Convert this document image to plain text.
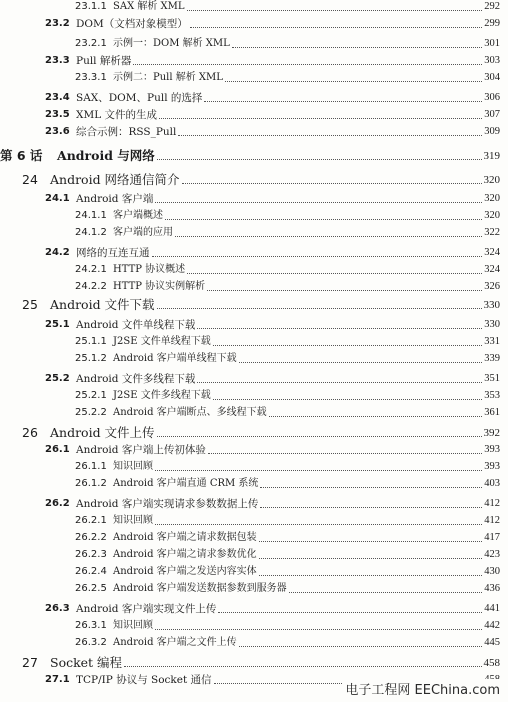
23.1.1 SAX 解析 XML	292
23.2 DOM（文档对象模型）	299
23.2.1 示例一：DOM 解析 XML	301
23.3 Pull 解析器	303
23.3.1 示例二：Pull 解析 XML	304
23.4 SAX、DOM、Pull 的选择	306
23.5 XML 文件的生成	307
23.6 综合示例：RSS_Pull	309
第 6 话 Android 与网络	319
24 Android 网络通信简介	320
24.1 Android 客户端	320
24.1.1 客户端概述	320
24.1.2 客户端的应用	322
24.2 网络的互连互通	324
24.2.1 HTTP 协议概述	324
24.2.2 HTTP 协议实例解析	326
25 Android 文件下载	330
25.1 Android 文件单线程下载	330
25.1.1 J2SE 文件单线程下载	331
25.1.2 Android 客户端单线程下载	339
25.2 Android 文件多线程下载	351
25.2.1 J2SE 文件多线程下载	353
25.2.2 Android 客户端断点、多线程下载	361
26 Android 文件上传	392
26.1 Android 客户端上传初体验	393
26.1.1 知识回顾	393
26.1.2 Android 客户端直通 CRM 系统	403
26.2 Android 客户端实现请求参数数据上传	412
26.2.1 知识回顾	412
26.2.2 Android 客户端之请求数据包装	417
26.2.3 Android 客户端之请求参数优化	423
26.2.4 Android 客户端之发送内容实体	430
26.2.5 Android 客户端发送数据参数到服务器	436
26.3 Android 客户端实现文件上传	441
26.3.1 知识回顾	442
26.3.2 Android 客户端之文件上传	445
27 Socket 编程	458
27.1 TCP/IP 协议与 Socket 通信
电子工程网 EEChina.com
